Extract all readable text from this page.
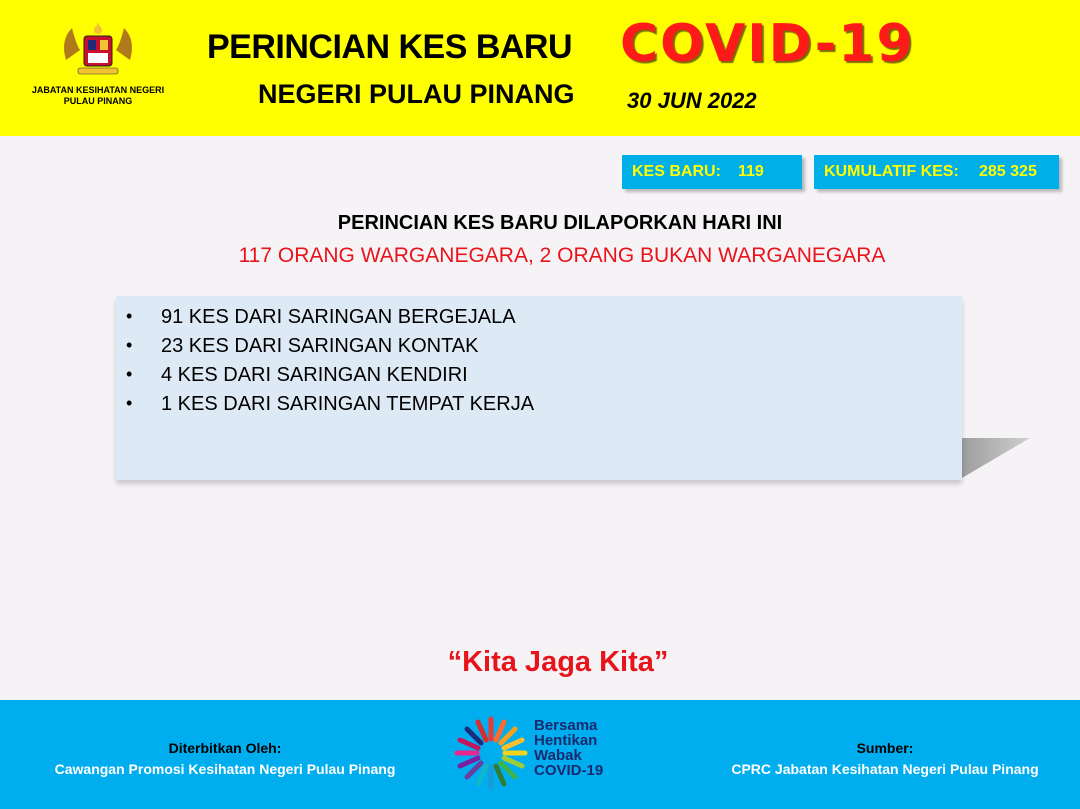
JABATAN KESIHATAN NEGERI
PULAU PINANG
PERINCIAN KES BARU COVID-19
NEGERI PULAU PINANG 30 JUN 2022
KES BARU: 119	KUMULATIF KES: 285 325
PERINCIAN KES BARU DILAPORKAN HARI INI
117 ORANG WARGANEGARA, 2 ORANG BUKAN WARGANEGARA
• 91 KES DARI SARINGAN BERGEJALA
• 23 KES DARI SARINGAN KONTAK
• 4 KES DARI SARINGAN KENDIRI
• 1 KES DARI SARINGAN TEMPAT KERJA
“Kita Jaga Kita”
Diterbitkan Oleh:
Cawangan Promosi Kesihatan Negeri Pulau Pinang
Sumber:
CPRC Jabatan Kesihatan Negeri Pulau Pinang
Bersama
Hentikan
Wabak
COVID-19
